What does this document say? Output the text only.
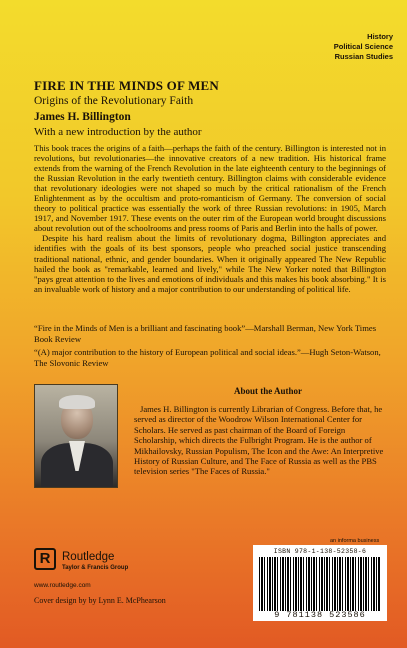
History
Political Science
Russian Studies
FIRE IN THE MINDS OF MEN
Origins of the Revolutionary Faith
James H. Billington
With a new introduction by the author

This book traces the origins of a faith—perhaps the faith of the century. Billington is interested not in revolutions, but revolutionaries—the innovative creators of a new tradition. His historical frame extends from the warning of the French Revolution in the late eighteenth century to the beginnings of the Russian Revolution in the early twentieth century. Billington claims with considerable evidence that revolutionary ideologies were not shaped so much by the critical rationalism of the French Enlightenment as by the occultism and proto-romanticism of Germany. The conversion of social theory to political practice was essentially the work of three Russian revolutions: in 1905, March 1917, and November 1917. These events on the outer rim of the European world brought discussions about revolution out of the schoolrooms and press rooms of Paris and Berlin into the halls of power.

Despite his hard realism about the limits of revolutionary dogma, Billington appreciates and identifies with the goals of its best sponsors, people who preached social justice transcending traditional national, ethnic, and gender boundaries. When it originally appeared The New Republic hailed the book as "remarkable, learned and lively," while The New Yorker noted that Billington "pays great attention to the lives and emotions of individuals and this makes his book absorbing." It is an invaluable work of history and a major contribution to our understanding of political life.

“Fire in the Minds of Men is a brilliant and fascinating book”—Marshall Berman, New York Times Book Review

“(A) major contribution to the history of European political and social ideas.”—Hugh Seton-Watson, The Slovonic Review

About the Author
James H. Billington is currently Librarian of Congress. Before that, he served as director of the Woodrow Wilson International Center for Scholars. He served as past chairman of the Board of Foreign Scholarship, which directs the Fulbright Program. He is the author of Mikhailovsky, Russian Populism, The Icon and the Awe: An Interpretive History of Russian Culture, and The Face of Russia as well as the PBS television series "The Faces of Russia."
an informa business
R	Routledge
Taylor & Francis Group
www.routledge.com
Cover design by by Lynn E. McPhearson
ISBN 978-1-138-52358-6
9 781138 523586
